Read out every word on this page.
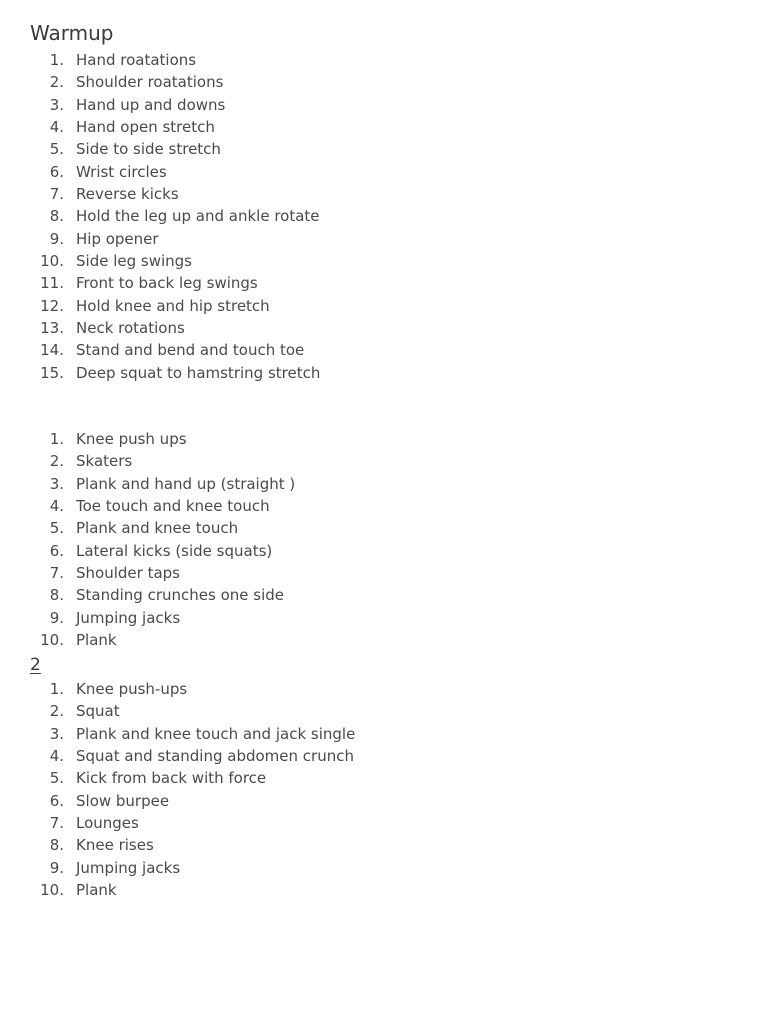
Warmup
1. Hand roatations
2. Shoulder roatations
3. Hand up and downs
4. Hand open stretch
5. Side to side stretch
6. Wrist circles
7. Reverse kicks
8. Hold the leg up and ankle rotate
9. Hip opener
10. Side leg swings
11. Front to back leg swings
12. Hold knee and hip stretch
13. Neck rotations
14. Stand and bend and touch toe
15. Deep squat to hamstring stretch
1. Knee push ups
2. Skaters
3. Plank and hand up (straight )
4. Toe touch and knee touch
5. Plank and knee touch
6. Lateral kicks (side squats)
7. Shoulder taps
8. Standing crunches one side
9. Jumping jacks
10. Plank
2
1. Knee push-ups
2. Squat
3. Plank and knee touch and jack single
4. Squat and standing abdomen crunch
5. Kick from back with force
6. Slow burpee
7. Lounges
8. Knee rises
9. Jumping jacks
10. Plank
